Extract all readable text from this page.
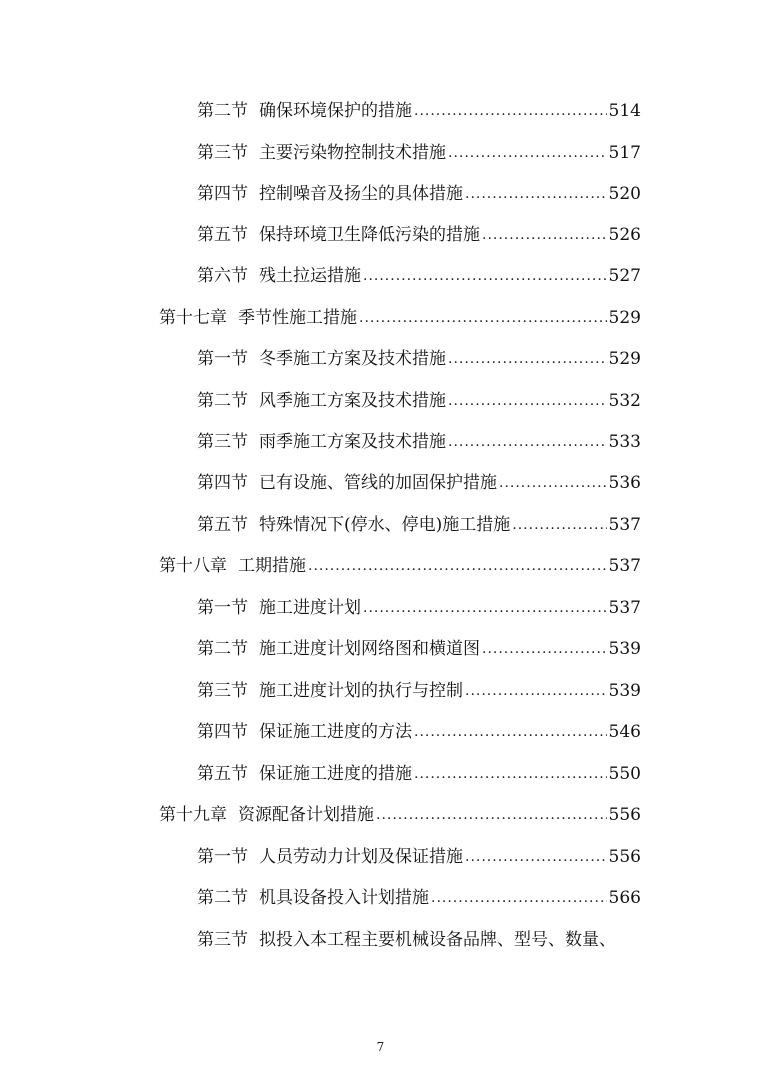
第二节 确保环境保护的措施 .....	514
第三节 主要污染物控制技术措施 .....	517
第四节 控制噪音及扬尘的具体措施 .....	520
第五节 保持环境卫生降低污染的措施 .....	526
第六节 残土拉运措施 .....	527
第十七章 季节性施工措施 .....	529
第一节 冬季施工方案及技术措施 .....	529
第二节 风季施工方案及技术措施 .....	532
第三节 雨季施工方案及技术措施 .....	533
第四节 已有设施、管线的加固保护措施 .....	536
第五节 特殊情况下(停水、停电)施工措施 .....	537
第十八章 工期措施 .....	537
第一节 施工进度计划 .....	537
第二节 施工进度计划网络图和横道图 .....	539
第三节 施工进度计划的执行与控制 .....	539
第四节 保证施工进度的方法 .....	546
第五节 保证施工进度的措施 .....	550
第十九章 资源配备计划措施 .....	556
第一节 人员劳动力计划及保证措施 .....	556
第二节 机具设备投入计划措施 .....	566
第三节 拟投入本工程主要机械设备品牌、型号、数量、
7
